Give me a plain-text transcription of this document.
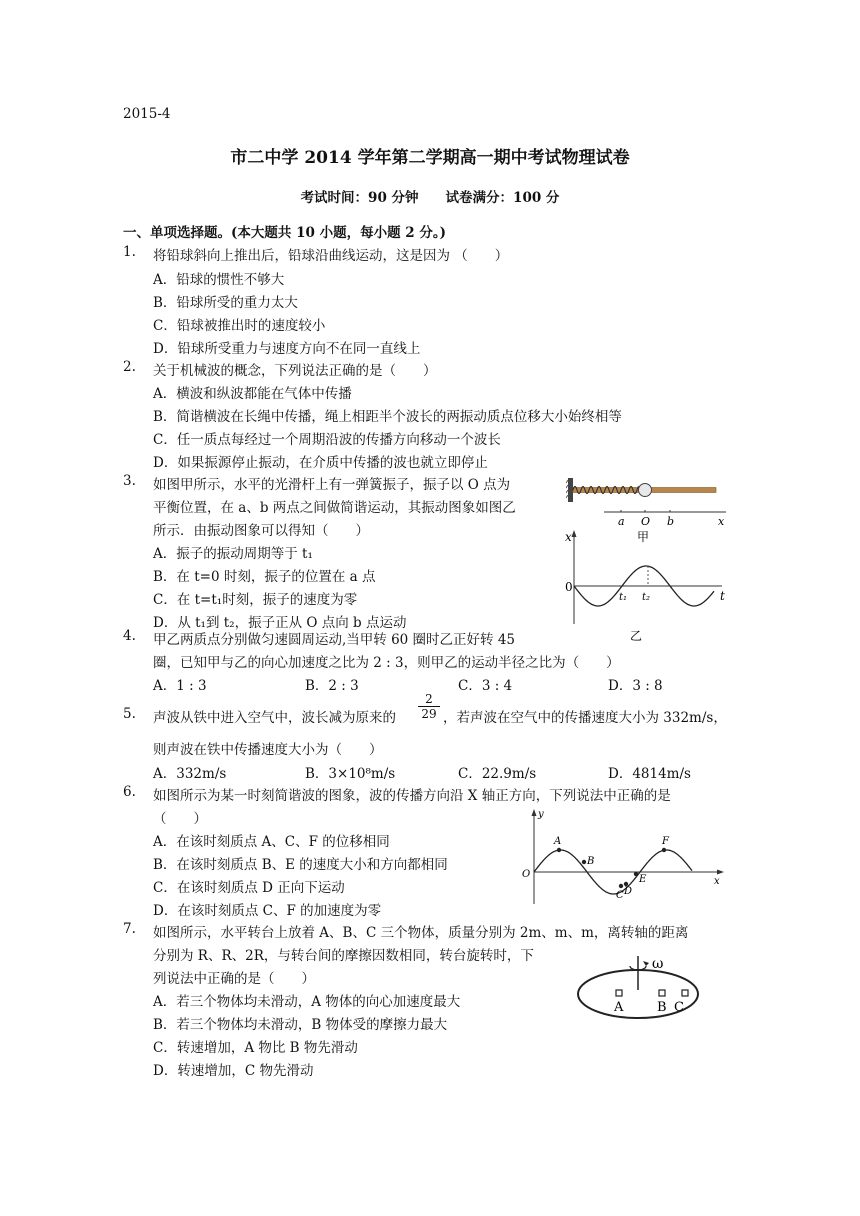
2015-4
市二中学 2014 学年第二学期高一期中考试物理试卷
考试时间：90 分钟　　试卷满分：100 分
一、单项选择题。(本大题共 10 小题，每小题 2 分。)
1. 将铅球斜向上推出后，铅球沿曲线运动，这是因为 （　　）
A．铅球的惯性不够大
B．铅球所受的重力太大
C．铅球被推出时的速度较小
D．铅球所受重力与速度方向不在同一直线上
2. 关于机械波的概念，下列说法正确的是（　　）
A．横波和纵波都能在气体中传播
B．简谐横波在长绳中传播，绳上相距半个波长的两振动质点位移大小始终相等
C．任一质点每经过一个周期沿波的传播方向移动一个波长
D．如果振源停止振动，在介质中传播的波也就立即停止
3. 如图甲所示，水平的光滑杆上有一弹簧振子，振子以 O 点为
平衡位置，在 a、b 两点之间做简谐运动，其振动图象如图乙
所示．由振动图象可以得知（　　）
A．振子的振动周期等于 t₁
B．在 t=0 时刻，振子的位置在 a 点
C．在 t=t₁时刻，振子的速度为零
D．从 t₁到 t₂，振子正从 O 点向 b 点运动
a O b	x
甲
x
0
t₁ t₂	t
乙
4. 甲乙两质点分别做匀速圆周运动,当甲转 60 圈时乙正好转 45
圈，已知甲与乙的向心加速度之比为 2 : 3，则甲乙的运动半径之比为（　　）
A．1 : 3	B．2 : 3	C．3 : 4	D．3 : 8
5. 声波从铁中进入空气中，波长减为原来的 $\frac{2}{29}$ ，若声波在空气中的传播速度大小为 332m/s，
则声波在铁中传播速度大小为（　　）
A．332m/s	B．3×10⁸m/s	C．22.9m/s	D．4814m/s
6. 如图所示为某一时刻简谐波的图象，波的传播方向沿 X 轴正方向，下列说法中正确的是
（　　）
A．在该时刻质点 A、C、F 的位移相同
B．在该时刻质点 B、E 的速度大小和方向都相同
C．在该时刻质点 D 正向下运动
D．在该时刻质点 C、F 的加速度为零
y
x
O
A
B
C D
E
F
7. 如图所示，水平转台上放着 A、B、C 三个物体，质量分别为 2m、m、m，离转轴的距离
分别为 R、R、2R，与转台间的摩擦因数相同，转台旋转时，下
列说法中正确的是（　　）
A．若三个物体均未滑动，A 物体的向心加速度最大
B．若三个物体均未滑动，B 物体受的摩擦力最大
C．转速增加，A 物比 B 物先滑动
D．转速增加，C 物先滑动
ω
A	B C
